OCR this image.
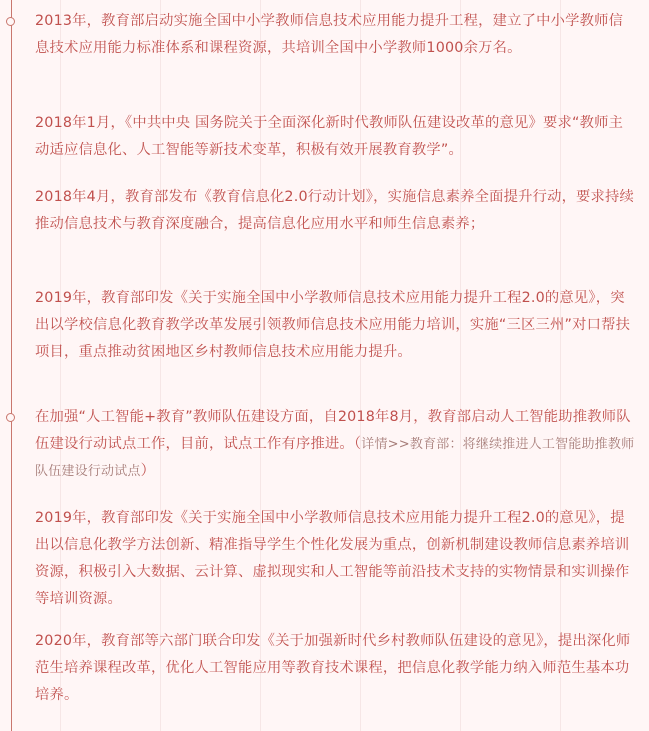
2013年，教育部启动实施全国中小学教师信息技术应用能力提升工程，建立了中小学教师信息技术应用能力标准体系和课程资源，共培训全国中小学教师1000余万名。

2018年1月，《中共中央 国务院关于全面深化新时代教师队伍建设改革的意见》要求“教师主动适应信息化、人工智能等新技术变革，积极有效开展教育教学”。

2018年4月，教育部发布《教育信息化2.0行动计划》，实施信息素养全面提升行动，要求持续推动信息技术与教育深度融合，提高信息化应用水平和师生信息素养；

2019年，教育部印发《关于实施全国中小学教师信息技术应用能力提升工程2.0的意见》，突出以学校信息化教育教学改革发展引领教师信息技术应用能力培训，实施“三区三州”对口帮扶项目，重点推动贫困地区乡村教师信息技术应用能力提升。

在加强“人工智能+教育”教师队伍建设方面，自2018年8月，教育部启动人工智能助推教师队伍建设行动试点工作，目前，试点工作有序推进。（详情>>教育部：将继续推进人工智能助推教师队伍建设行动试点）

2019年，教育部印发《关于实施全国中小学教师信息技术应用能力提升工程2.0的意见》，提出以信息化教学方法创新、精准指导学生个性化发展为重点，创新机制建设教师信息素养培训资源，积极引入大数据、云计算、虚拟现实和人工智能等前沿技术支持的实物情景和实训操作等培训资源。

2020年，教育部等六部门联合印发《关于加强新时代乡村教师队伍建设的意见》，提出深化师范生培养课程改革，优化人工智能应用等教育技术课程，把信息化教学能力纳入师范生基本功培养。
